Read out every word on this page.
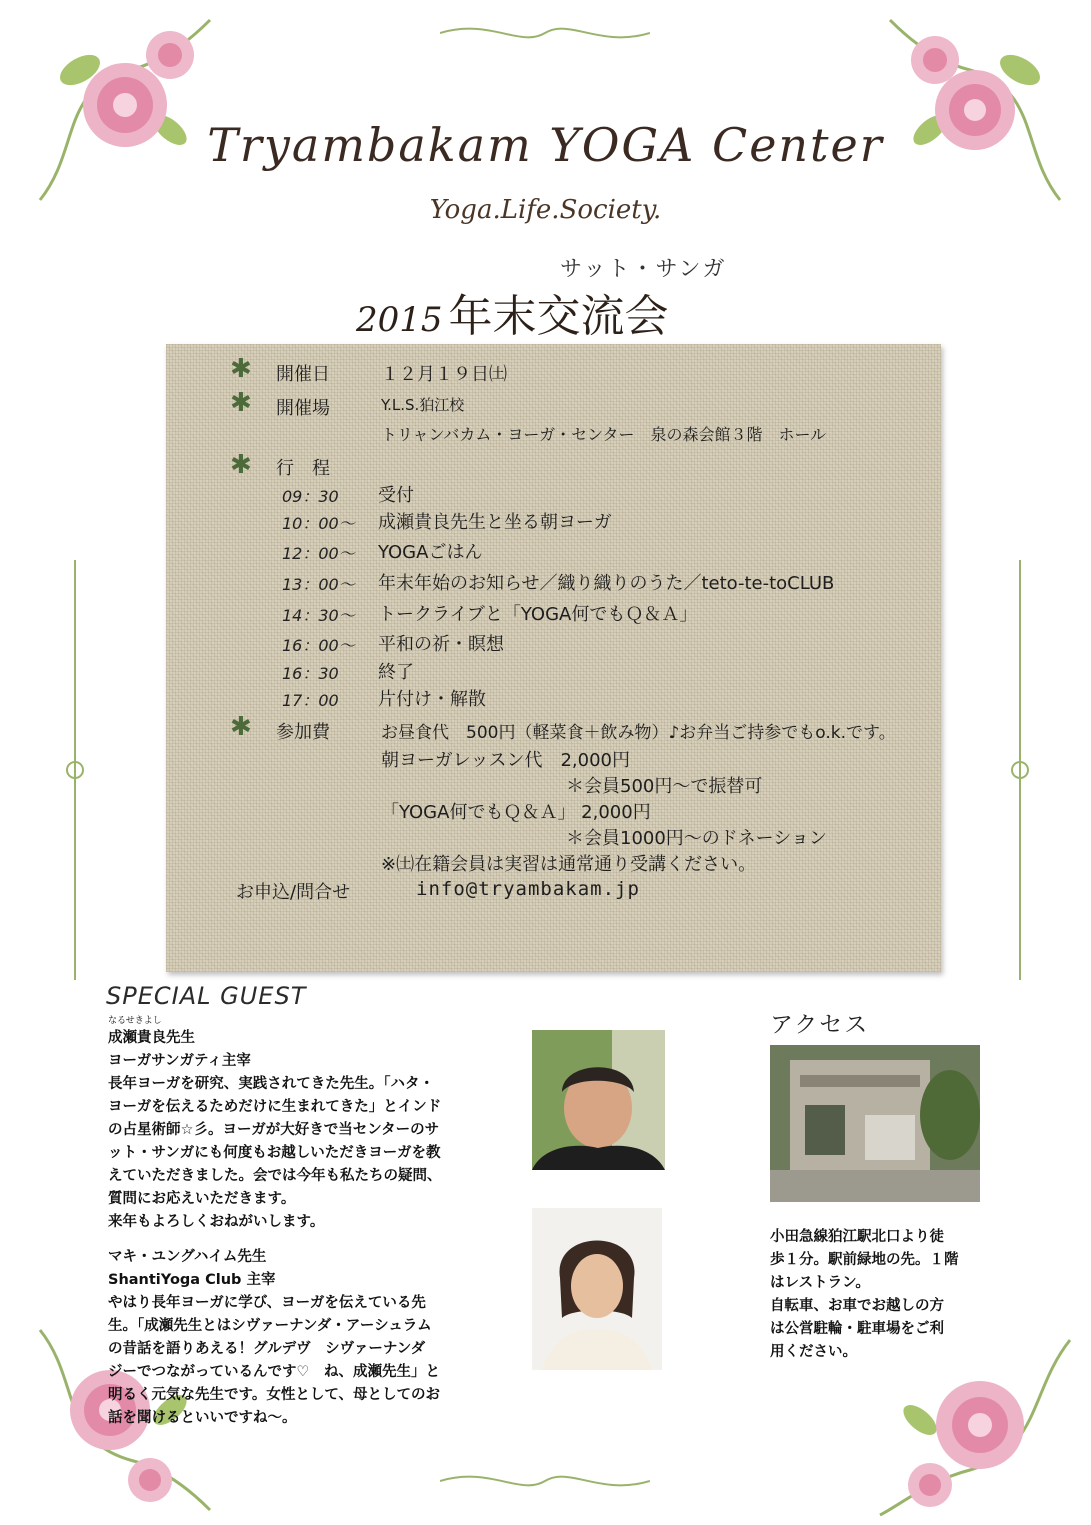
Tryambakam YOGA Center
Yoga.Life.Society.
サット・サンガ
2015 年末交流会
✱ 開催日	１２月１９日㈯
✱ 開催場	Y.L.S.狛江校
トリャンバカム・ヨーガ・センター　泉の森会館３階　ホール
✱ 行　程
09：30 受付
10：00～ 成瀬貴良先生と坐る朝ヨーガ
12：00～ YOGAごはん
13：00～ 年末年始のお知らせ／織り織りのうた／teto-te-toCLUB
14：30～ トークライブと「YOGA何でもＱ＆Ａ」
16：00～ 平和の祈・瞑想
16：30 終了
17：00 片付け・解散
✱ 参加費	お昼食代　500円（軽菜食＋飲み物）♪お弁当ご持参でもo.k.です。
朝ヨーガレッスン代　2,000円
＊会員500円～で振替可
「YOGA何でもＱ＆Ａ」 2,000円
＊会員1000円～のドネーション
※㈯在籍会員は実習は通常通り受講ください。
お申込/問合せ	info@tryambakam.jp
SPECIAL GUEST
なるせきよし
成瀬貴良先生
ヨーガサンガティ主宰
長年ヨーガを研究、実践されてきた先生。「ハタ・
ヨーガを伝えるためだけに生まれてきた」とインド
の占星術師☆彡。ヨーガが大好きで当センターのサ
ット・サンガにも何度もお越しいただきヨーガを教
えていただきました。会では今年も私たちの疑問、
質問にお応えいただきます。
来年もよろしくおねがいします。
マキ・ユングハイム先生
ShantiYoga Club 主宰
やはり長年ヨーガに学び、ヨーガを伝えている先
生。「成瀬先生とはシヴァーナンダ・アーシュラム
の昔話を語りあえる！グルデヴ　シヴァーナンダ
ジーでつながっているんです♡　ね、成瀬先生」と
明るく元気な先生です。女性として、母としてのお
話を聞けるといいですね～。
アクセス
小田急線狛江駅北口より徒
歩１分。駅前緑地の先。１階
はレストラン。
自転車、お車でお越しの方
は公営駐輪・駐車場をご利
用ください。
